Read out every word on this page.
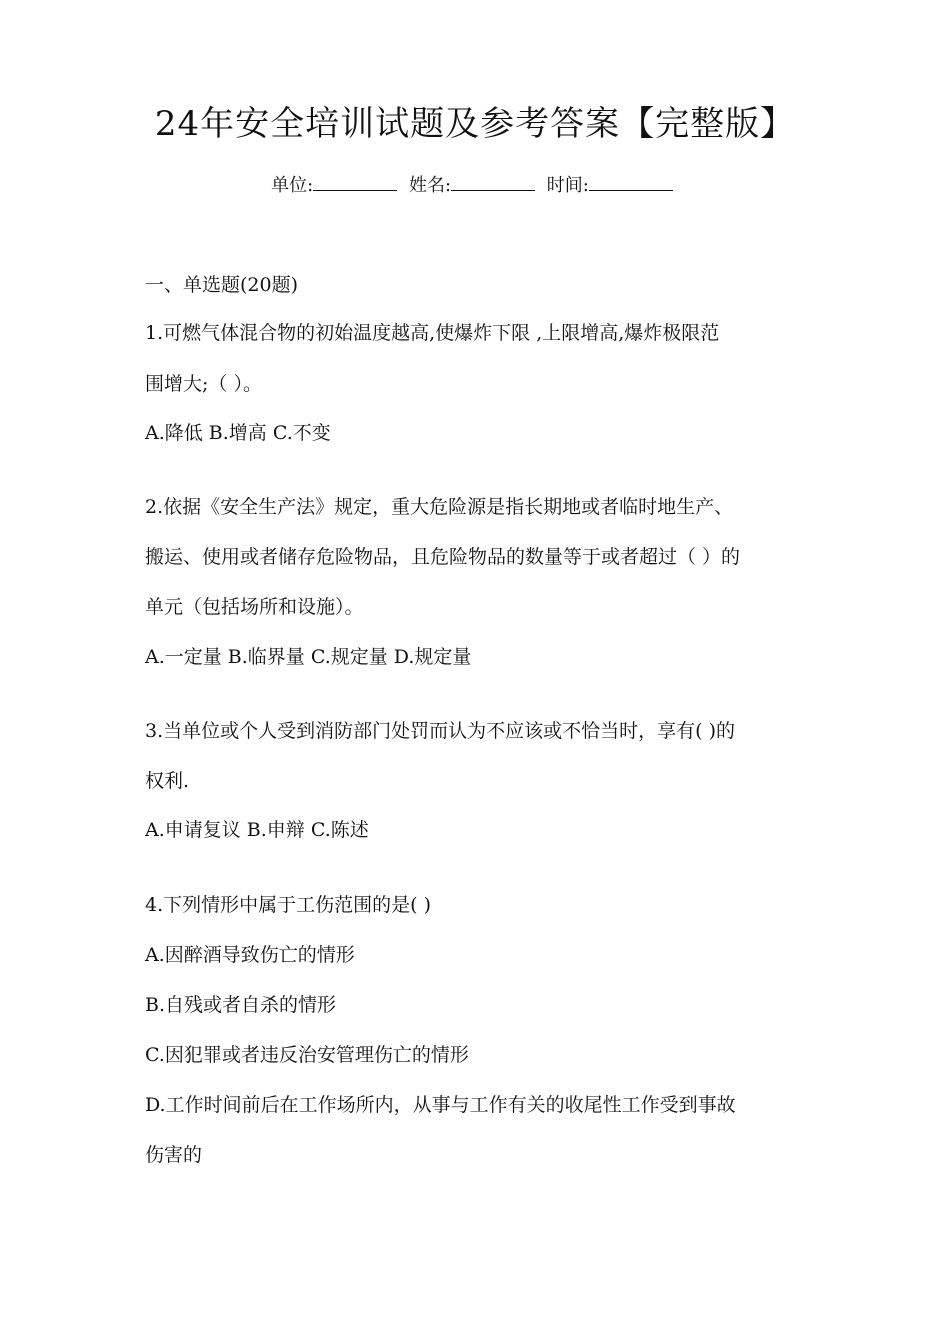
24年安全培训试题及参考答案【完整版】
单位:	姓名:	时间:
一、单选题(20题)
1.可燃气体混合物的初始温度越高,使爆炸下限 ,上限增高,爆炸极限范
围增大;（ ）。
A.降低 B.增高 C.不变
2.依据《安全生产法》规定，重大危险源是指长期地或者临时地生产、
搬运、使用或者储存危险物品，且危险物品的数量等于或者超过（ ）的
单元（包括场所和设施）。
A.一定量 B.临界量 C.规定量 D.规定量
3.当单位或个人受到消防部门处罚而认为不应该或不恰当时，享有( )的
权利.
A.申请复议 B.申辩 C.陈述
4.下列情形中属于工伤范围的是( )
A.因醉酒导致伤亡的情形
B.自残或者自杀的情形
C.因犯罪或者违反治安管理伤亡的情形
D.工作时间前后在工作场所内，从事与工作有关的收尾性工作受到事故
伤害的
